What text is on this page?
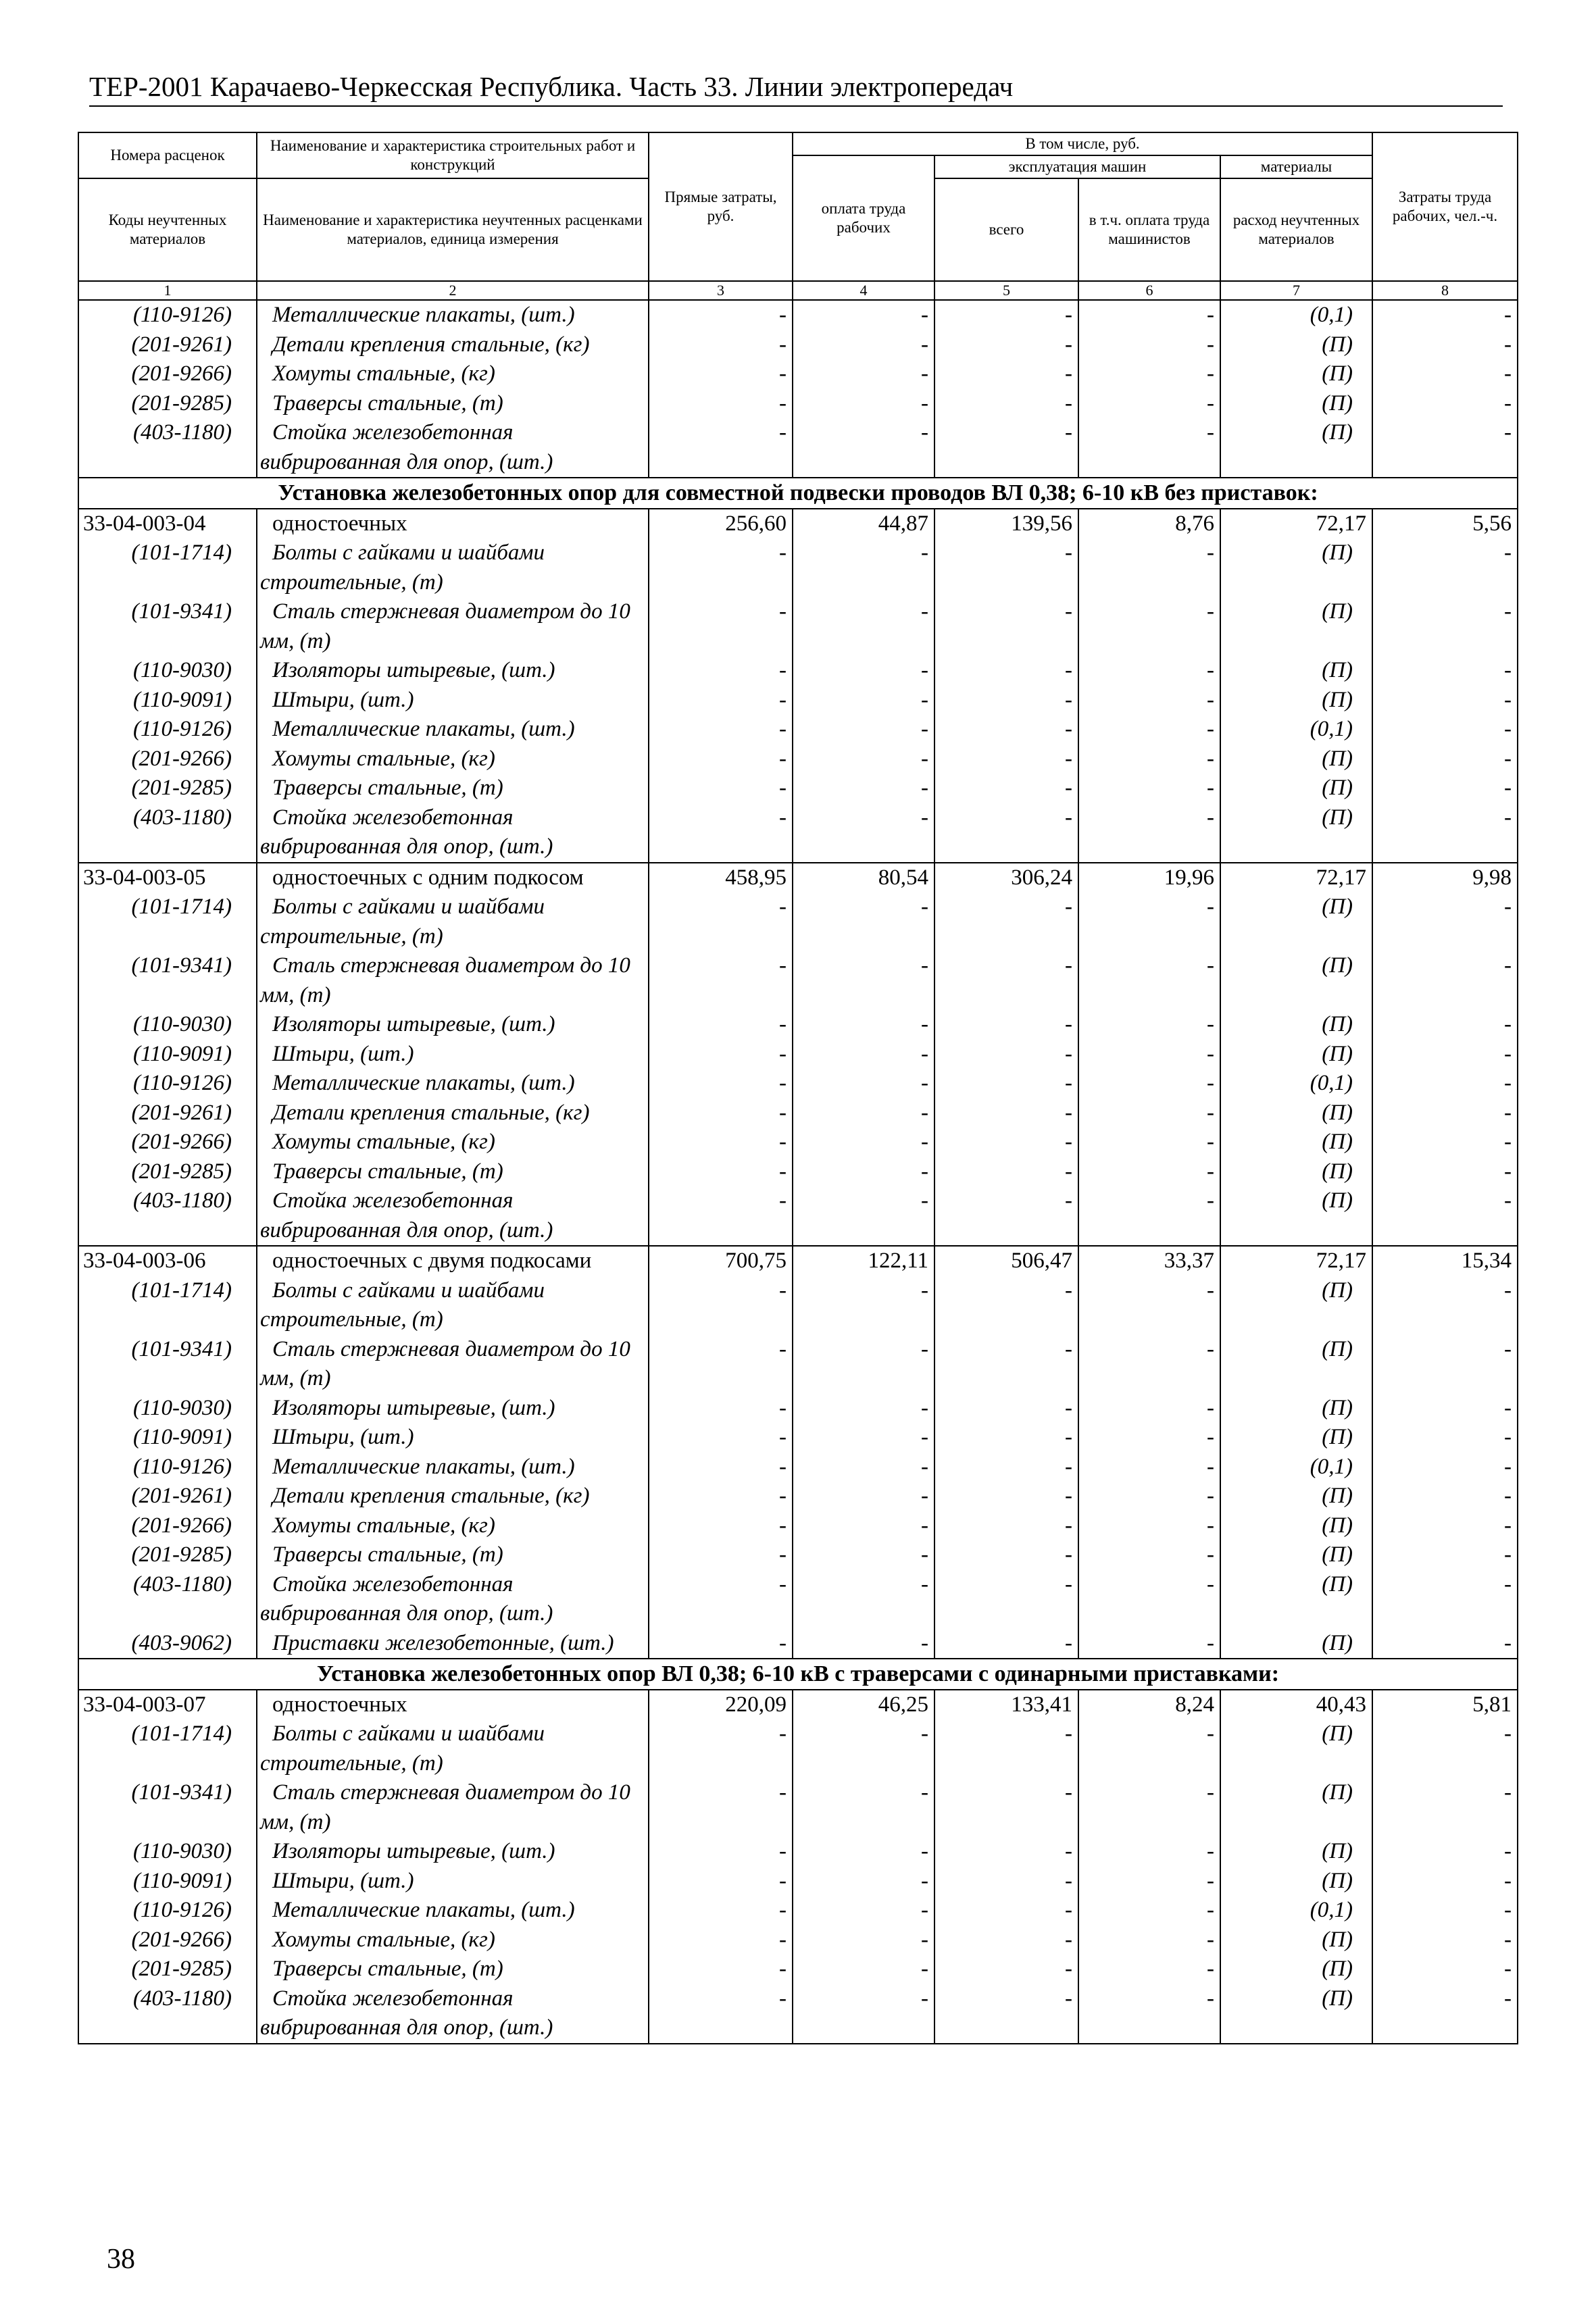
ТЕР-2001 Карачаево-Черкесская Республика. Часть 33. Линии электропередач
Номера расценок	Наименование и характеристика строительных работ и конструкций	Прямые затраты, руб.	В том числе, руб.				Затраты труда рабочих, чел.-ч.
			оплата труда рабочих	эксплуатация машин		материалы	
Коды неучтенных материалов	Наименование и характеристика неучтенных расценками материалов, единица измерения			всего	в т.ч. оплата труда машинистов	расход неучтенных материалов	

1	2	3	4	5	6	7	8
(110-9126)	Металлические плакаты, (шт.)	-	-	-	-	(0,1)	-
(201-9261)	Детали крепления стальные, (кг)	-	-	-	-	(П)	-
(201-9266)	Хомуты стальные, (кг)	-	-	-	-	(П)	-
(201-9285)	Траверсы стальные, (т)	-	-	-	-	(П)	-
(403-1180)	Стойка железобетонная вибрированная для опор, (шт.)	-	-	-	-	(П)	-
Установка железобетонных опор для совместной подвески проводов ВЛ 0,38; 6-10 кВ без приставок:							
33-04-003-04	одностоечных	256,60	44,87	139,56	8,76	72,17	5,56
(101-1714)	Болты с гайками и шайбами строительные, (т)	-	-	-	-	(П)	-
(101-9341)	Сталь стержневая диаметром до 10 мм, (т)	-	-	-	-	(П)	-
(110-9030)	Изоляторы штыревые, (шт.)	-	-	-	-	(П)	-
(110-9091)	Штыри, (шт.)	-	-	-	-	(П)	-
(110-9126)	Металлические плакаты, (шт.)	-	-	-	-	(0,1)	-
(201-9266)	Хомуты стальные, (кг)	-	-	-	-	(П)	-
(201-9285)	Траверсы стальные, (т)	-	-	-	-	(П)	-
(403-1180)	Стойка железобетонная вибрированная для опор, (шт.)	-	-	-	-	(П)	-
33-04-003-05	одностоечных с одним подкосом	458,95	80,54	306,24	19,96	72,17	9,98
(101-1714)	Болты с гайками и шайбами строительные, (т)	-	-	-	-	(П)	-
(101-9341)	Сталь стержневая диаметром до 10 мм, (т)	-	-	-	-	(П)	-
(110-9030)	Изоляторы штыревые, (шт.)	-	-	-	-	(П)	-
(110-9091)	Штыри, (шт.)	-	-	-	-	(П)	-
(110-9126)	Металлические плакаты, (шт.)	-	-	-	-	(0,1)	-
(201-9261)	Детали крепления стальные, (кг)	-	-	-	-	(П)	-
(201-9266)	Хомуты стальные, (кг)	-	-	-	-	(П)	-
(201-9285)	Траверсы стальные, (т)	-	-	-	-	(П)	-
(403-1180)	Стойка железобетонная вибрированная для опор, (шт.)	-	-	-	-	(П)	-
33-04-003-06	одностоечных с двумя подкосами	700,75	122,11	506,47	33,37	72,17	15,34
(101-1714)	Болты с гайками и шайбами строительные, (т)	-	-	-	-	(П)	-
(101-9341)	Сталь стержневая диаметром до 10 мм, (т)	-	-	-	-	(П)	-
(110-9030)	Изоляторы штыревые, (шт.)	-	-	-	-	(П)	-
(110-9091)	Штыри, (шт.)	-	-	-	-	(П)	-
(110-9126)	Металлические плакаты, (шт.)	-	-	-	-	(0,1)	-
(201-9261)	Детали крепления стальные, (кг)	-	-	-	-	(П)	-
(201-9266)	Хомуты стальные, (кг)	-	-	-	-	(П)	-
(201-9285)	Траверсы стальные, (т)	-	-	-	-	(П)	-
(403-1180)	Стойка железобетонная вибрированная для опор, (шт.)	-	-	-	-	(П)	-
(403-9062)	Приставки железобетонные, (шт.)	-	-	-	-	(П)	-
Установка железобетонных опор ВЛ 0,38; 6-10 кВ с траверсами с одинарными приставками:							
33-04-003-07	одностоечных	220,09	46,25	133,41	8,24	40,43	5,81
(101-1714)	Болты с гайками и шайбами строительные, (т)	-	-	-	-	(П)	-
(101-9341)	Сталь стержневая диаметром до 10 мм, (т)	-	-	-	-	(П)	-
(110-9030)	Изоляторы штыревые, (шт.)	-	-	-	-	(П)	-
(110-9091)	Штыри, (шт.)	-	-	-	-	(П)	-
(110-9126)	Металлические плакаты, (шт.)	-	-	-	-	(0,1)	-
(201-9266)	Хомуты стальные, (кг)	-	-	-	-	(П)	-
(201-9285)	Траверсы стальные, (т)	-	-	-	-	(П)	-
(403-1180)	Стойка железобетонная вибрированная для опор, (шт.)	-	-	-	-	(П)	-
38
